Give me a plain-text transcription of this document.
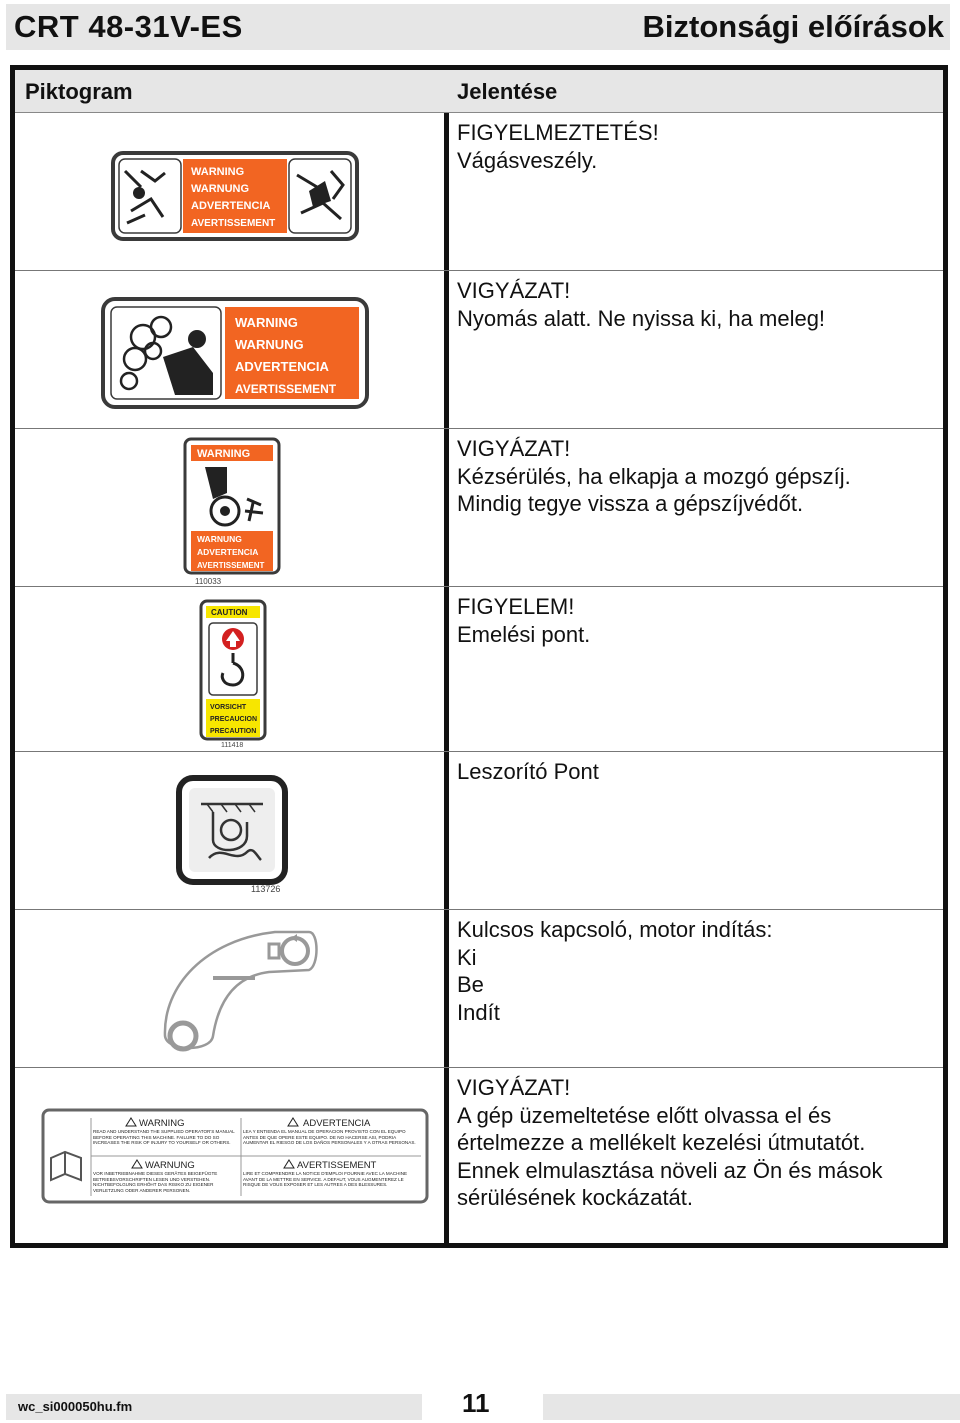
CRT 48-31V-ES	Biztonsági előírások
Piktogram	Jelentése
WARNING
WARNUNG
ADVERTENCIA
AVERTISSEMENT
FIGYELMEZTETÉS!
Vágásveszély.
WARNING
WARNUNG
ADVERTENCIA
AVERTISSEMENT
VIGYÁZAT!
Nyomás alatt. Ne nyissa ki, ha meleg!
WARNING
WARNUNG
ADVERTENCIA
AVERTISSEMENT
110033
VIGYÁZAT!
Kézsérülés, ha elkapja a mozgó gépszíj.
Mindig tegye vissza a gépszíjvédőt.
CAUTION
VORSICHT
PRECAUCION
PRECAUTION
111418
FIGYELEM!
Emelési pont.
113726
Leszorító Pont
Kulcsos kapcsoló, motor indítás:
Ki
Be
Indít
WARNING	ADVERTENCIA
WARNUNG	AVERTISSEMENT
READ AND UNDERSTAND THE SUPPLIED OPERATOR'S MANUAL BEFORE OPERATING THIS MACHINE. FAILURE TO DO SO INCREASES THE RISK OF INJURY TO YOURSELF OR OTHERS.
LEA Y ENTIENDA EL MANUAL DE OPERACION PROVISTO CON EL EQUIPO ANTES DE QUE OPERE ESTE EQUIPO. DE NO HACERSE ASI, PODRIA AUMENTAR EL RIESGO DE LOS DAÑOS PERSONALES Y A OTRAS PERSONAS.
VOR INBETRIEBNAHME DIESES GERÄTES BEIGEFÜGTE BETRIEBSVORSCHRIFTEN LESEN UND VERSTEHEN. NICHTBEFOLGUNG ERHÖHT DAS RISIKO ZU EIGENER VERLETZUNG ODER ANDERER PERSONEN.
LIRE ET COMPRENDRE LA NOTICE D'EMPLOI FOURNIE AVEC LA MACHINE AVANT DE LA METTRE EN SERVICE. A DEFAUT, VOUS AUGMENTEREZ LE RISQUE DE VOUS EXPOSER ET LES AUTRES A DES BLESSURES.
VIGYÁZAT!
A gép üzemeltetése előtt olvassa el és
értelmezze a mellékelt kezelési útmutatót.
Ennek elmulasztása növeli az Ön és mások
sérülésének kockázatát.
wc_si000050hu.fm	11
